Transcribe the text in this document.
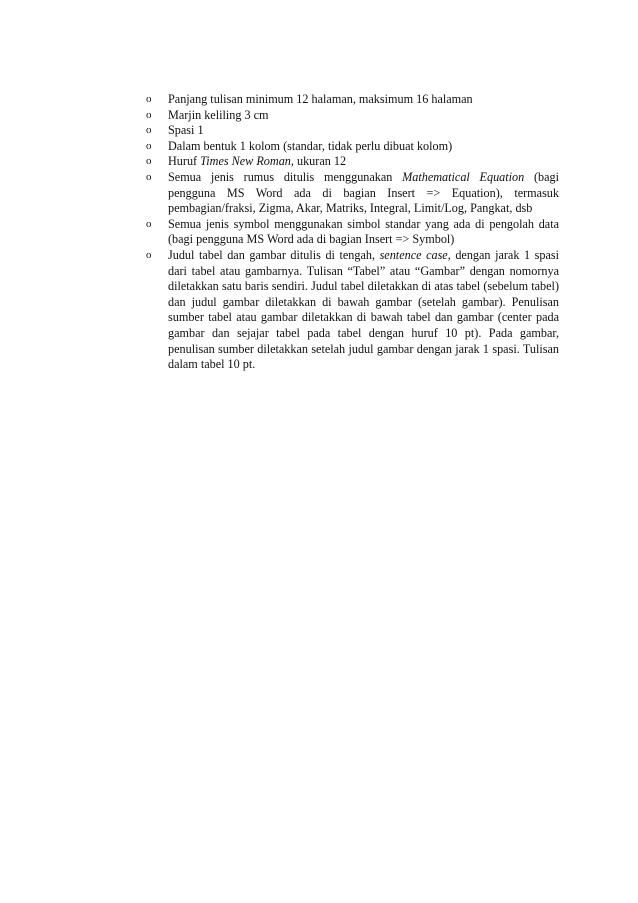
o Panjang tulisan minimum 12 halaman, maksimum 16 halaman
o Marjin keliling 3 cm
o Spasi 1
o Dalam bentuk 1 kolom (standar, tidak perlu dibuat kolom)
o Huruf Times New Roman, ukuran 12
o Semua jenis rumus ditulis menggunakan Mathematical Equation (bagi pengguna MS Word ada di bagian Insert => Equation), termasuk pembagian/fraksi, Zigma, Akar, Matriks, Integral, Limit/Log, Pangkat, dsb
o Semua jenis symbol menggunakan simbol standar yang ada di pengolah data (bagi pengguna MS Word ada di bagian Insert => Symbol)
o Judul tabel dan gambar ditulis di tengah, sentence case, dengan jarak 1 spasi dari tabel atau gambarnya. Tulisan “Tabel” atau “Gambar” dengan nomornya diletakkan satu baris sendiri. Judul tabel diletakkan di atas tabel (sebelum tabel) dan judul gambar diletakkan di bawah gambar (setelah gambar). Penulisan sumber tabel atau gambar diletakkan di bawah tabel dan gambar (center pada gambar dan sejajar tabel pada tabel dengan huruf 10 pt). Pada gambar, penulisan sumber diletakkan setelah judul gambar dengan jarak 1 spasi. Tulisan dalam tabel 10 pt.
